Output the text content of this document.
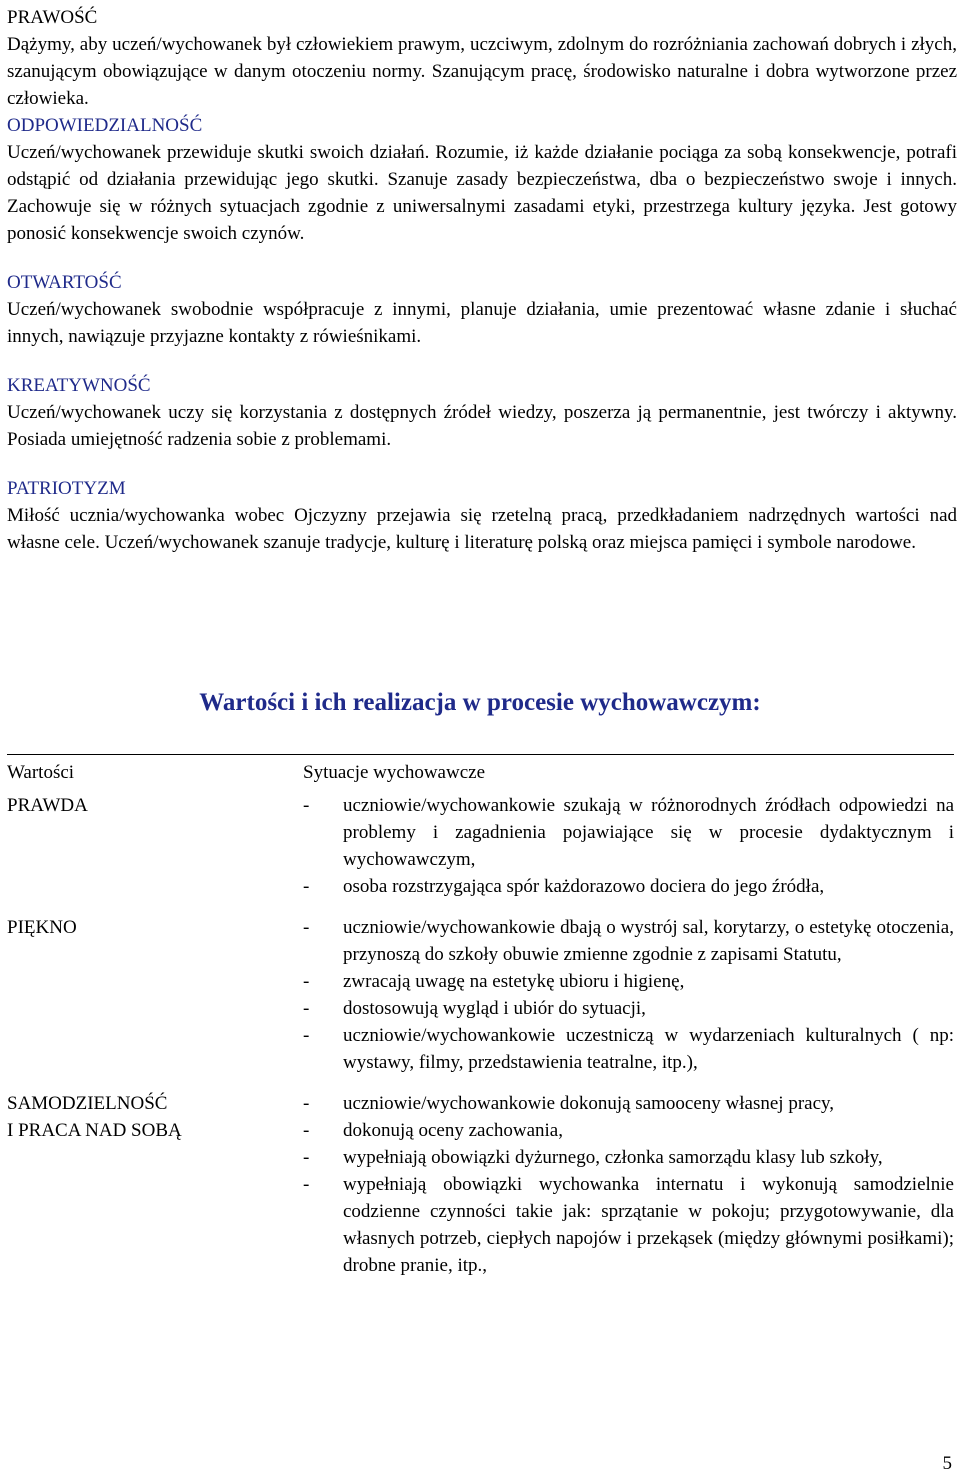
PRAWOŚĆ
Dążymy, aby uczeń/wychowanek był człowiekiem prawym, uczciwym, zdolnym do rozróżniania zachowań dobrych i złych, szanującym obowiązujące w danym otoczeniu normy. Szanującym pracę, środowisko naturalne i dobra wytworzone przez człowieka.
ODPOWIEDZIALNOŚĆ
Uczeń/wychowanek przewiduje skutki swoich działań. Rozumie, iż każde działanie pociąga za sobą konsekwencje, potrafi odstąpić od działania przewidując jego skutki. Szanuje zasady bezpieczeństwa, dba o bezpieczeństwo swoje i innych. Zachowuje się w różnych sytuacjach zgodnie z uniwersalnymi zasadami etyki, przestrzega kultury języka. Jest gotowy ponosić konsekwencje swoich czynów.
OTWARTOŚĆ
Uczeń/wychowanek swobodnie współpracuje z innymi, planuje działania, umie prezentować własne zdanie i słuchać innych, nawiązuje przyjazne kontakty z rówieśnikami.
KREATYWNOŚĆ
Uczeń/wychowanek uczy się korzystania z dostępnych źródeł wiedzy, poszerza ją permanentnie, jest twórczy i aktywny. Posiada umiejętność radzenia sobie z problemami.
PATRIOTYZM
Miłość ucznia/wychowanka wobec Ojczyzny przejawia się rzetelną pracą, przedkładaniem nadrzędnych wartości nad własne cele. Uczeń/wychowanek szanuje tradycje, kulturę i literaturę polską oraz miejsca pamięci i symbole narodowe.
Wartości i ich realizacja w procesie wychowawczym:
Wartości	Sytuacje wychowawcze
PRAWDA	-	uczniowie/wychowankowie szukają w różnorodnych źródłach odpowiedzi na problemy i zagadnienia pojawiające się w procesie dydaktycznym i wychowawczym,
-	osoba rozstrzygająca spór każdorazowo dociera do jego źródła,
PIĘKNO	-	uczniowie/wychowankowie dbają o wystrój sal, korytarzy, o estetykę otoczenia, przynoszą do szkoły obuwie zmienne zgodnie z zapisami Statutu,
-	zwracają uwagę na estetykę ubioru i higienę,
-	dostosowują wygląd i ubiór do sytuacji,
-	uczniowie/wychowankowie uczestniczą w wydarzeniach kulturalnych ( np: wystawy, filmy, przedstawienia teatralne, itp.),
SAMODZIELNOŚĆ
I PRACA NAD SOBĄ
-	uczniowie/wychowankowie dokonują samooceny własnej pracy,
-	dokonują oceny zachowania,
-	wypełniają obowiązki dyżurnego, członka samorządu klasy lub szkoły,
-	wypełniają obowiązki wychowanka internatu i wykonują samodzielnie codzienne czynności takie jak: sprzątanie w pokoju; przygotowywanie, dla własnych potrzeb, ciepłych napojów i przekąsek (między głównymi posiłkami); drobne pranie, itp.,
5
